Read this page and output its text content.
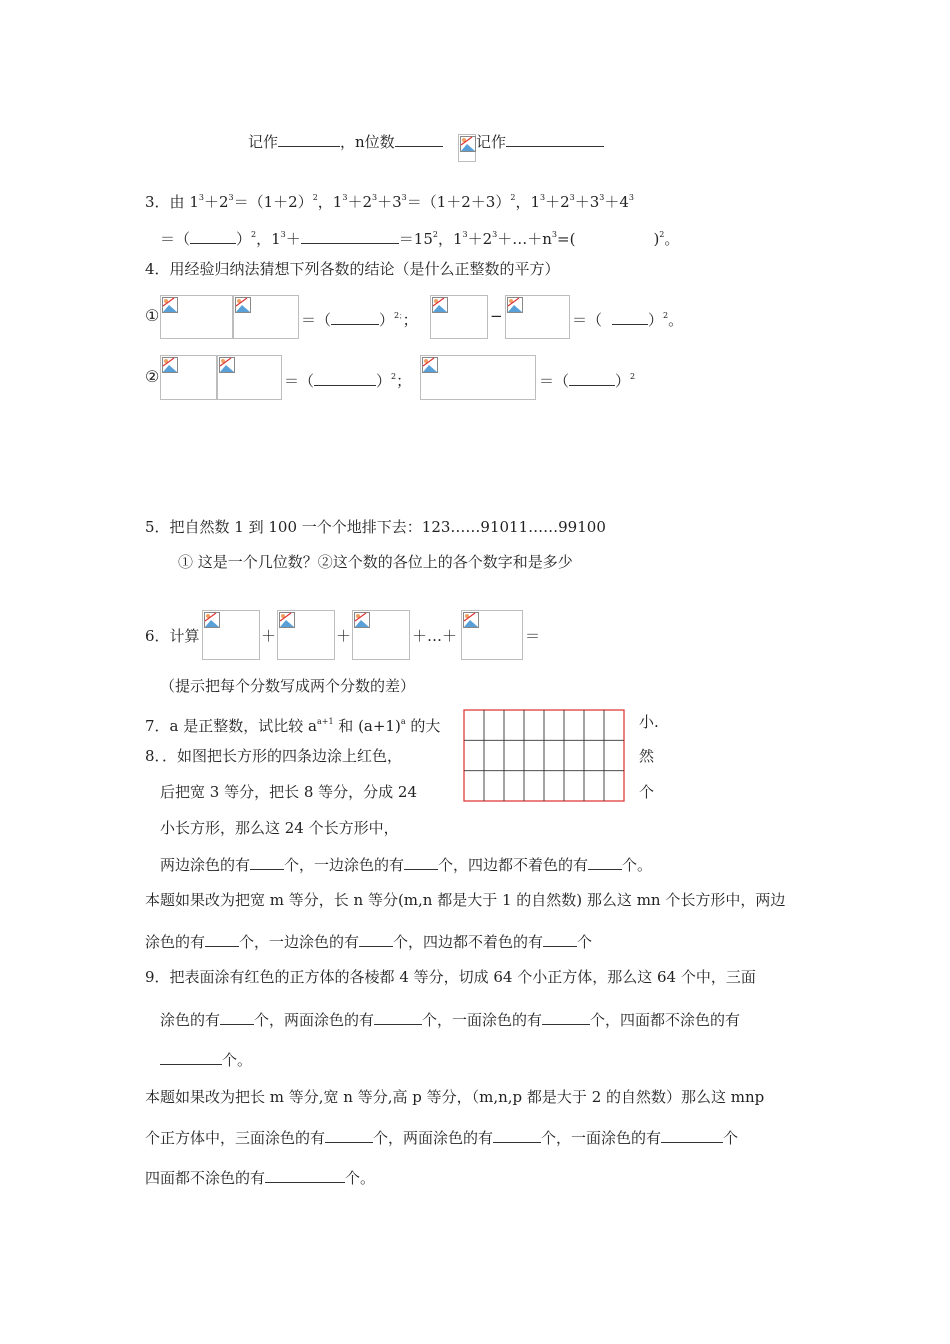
记作	，n位数	记作
3．由 $1^3+2^3=(1+2)^2$，$1^3+2^3+3^3=(1+2+3)^2$，$1^3+2^3+3^3+4^3$
＝（	）$^2$，$1^3+$	$=15^2$，$1^3+2^3+\dots+n^3=$(	)$^2$。
4．用经验归纳法猜想下列各数的结论（是什么正整数的平方）
①	＝（	）$^{2;}$；	−	＝（	）$^2$。
②	＝（	）$^2$；	＝（	）$^2$
5．把自然数 1 到 100 一个个地排下去：123……91011……99100
① 这是一个几位数？②这个数的各位上的各个数字和是多少
6．计算	＋	＋	＋…＋	＝
（提示把每个分数写成两个分数的差）
7．a 是正整数，试比较 $a^{a+1}$ 和 $(a+1)^a$ 的大	小.
8．．如图把长方形的四条边涂上红色，	然
后把宽 3 等分，把长 8 等分，分成 24	个
小长方形，那么这 24 个长方形中，
两边涂色的有 个，一边涂色的有 个，四边都不着色的有 个。
本题如果改为把宽 m 等分，长 n 等分(m,n 都是大于 1 的自然数) 那么这 mn 个长方形中，两边
涂色的有 个，一边涂色的有 个，四边都不着色的有 个
9．把表面涂有红色的正方体的各棱都 4 等分，切成 64 个小正方体，那么这 64 个中，三面
涂色的有 个，两面涂色的有	个，一面涂色的有	个，四面都不涂色的有
个。
本题如果改为把长 m 等分,宽 n 等分,高 p 等分，（m,n,p 都是大于 2 的自然数）那么这 mnp
个正方体中，三面涂色的有	个，两面涂色的有	个，一面涂色的有	个
四面都不涂色的有	个。
